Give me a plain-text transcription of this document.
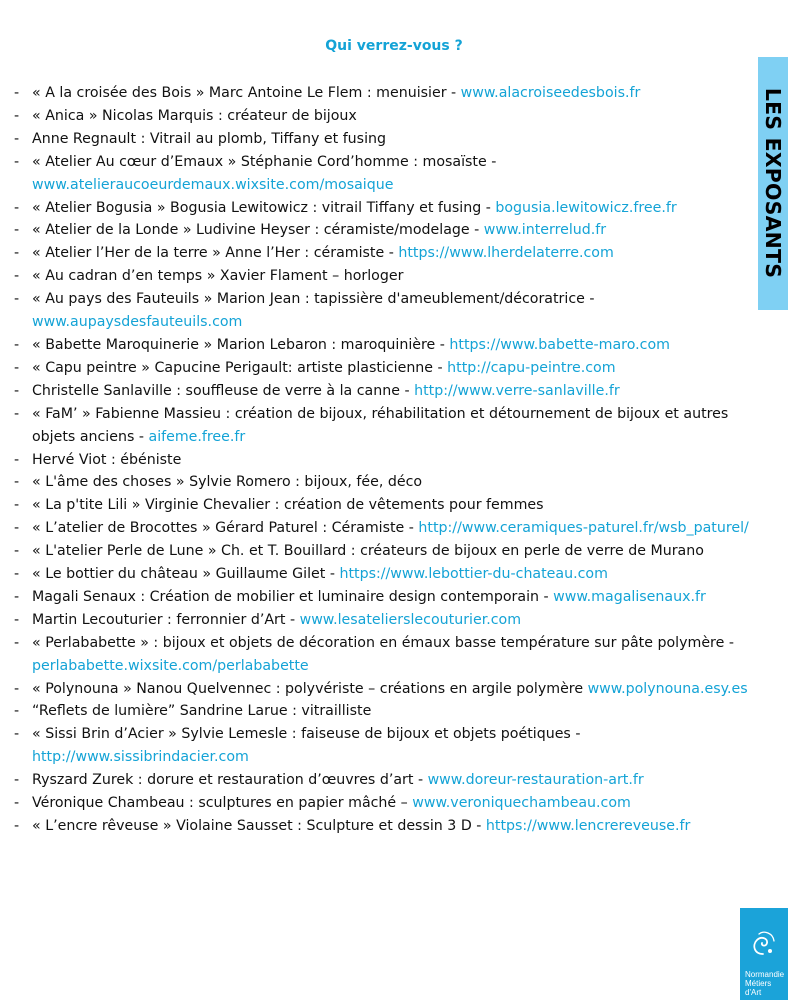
Qui verrez-vous ?
- « A la croisée des Bois » Marc Antoine Le Flem : menuisier - www.alacroiseedesbois.fr
- « Anica » Nicolas Marquis : créateur de bijoux
- Anne Regnault : Vitrail au plomb, Tiffany et fusing
- « Atelier Au cœur d’Emaux » Stéphanie Cord’homme : mosaïste - www.atelieraucoeurdemaux.wixsite.com/mosaique
- « Atelier Bogusia » Bogusia Lewitowicz : vitrail Tiffany et fusing - bogusia.lewitowicz.free.fr
- « Atelier de la Londe » Ludivine Heyser : céramiste/modelage - www.interrelud.fr
- « Atelier l’Her de la terre » Anne l’Her : céramiste - https://www.lherdelaterre.com
- « Au cadran d’en temps » Xavier Flament – horloger
- « Au pays des Fauteuils » Marion Jean : tapissière d'ameublement/décoratrice - www.aupaysdesfauteuils.com
- « Babette Maroquinerie » Marion Lebaron : maroquinière - https://www.babette-maro.com
- « Capu peintre » Capucine Perigault: artiste plasticienne - http://capu-peintre.com
- Christelle Sanlaville : souffleuse de verre à la canne - http://www.verre-sanlaville.fr
- « FaM’ » Fabienne Massieu : création de bijoux, réhabilitation et détournement de bijoux et autres objets anciens - aifeme.free.fr
- Hervé Viot : ébéniste
- « L'âme des choses » Sylvie Romero : bijoux, fée, déco
- « La p'tite Lili » Virginie Chevalier : création de vêtements pour femmes
- « L’atelier de Brocottes » Gérard Paturel : Céramiste - http://www.ceramiques-paturel.fr/wsb_paturel/
- « L'atelier Perle de Lune » Ch. et T. Bouillard : créateurs de bijoux en perle de verre de Murano
- « Le bottier du château » Guillaume Gilet - https://www.lebottier-du-chateau.com
- Magali Senaux : Création de mobilier et luminaire design contemporain - www.magalisenaux.fr
- Martin Lecouturier : ferronnier d’Art - www.lesatelierslecouturier.com
- « Perlababette » : bijoux et objets de décoration en émaux basse température sur pâte polymère - perlababette.wixsite.com/perlababette
- « Polynouna » Nanou Quelvennec : polyvériste – créations en argile polymère www.polynouna.esy.es
- “Reflets de lumière” Sandrine Larue : vitrailliste
- « Sissi Brin d’Acier » Sylvie Lemesle : faiseuse de bijoux et objets poétiques - http://www.sissibrindacier.com
- Ryszard Zurek : dorure et restauration d’œuvres d’art - www.doreur-restauration-art.fr
- Véronique Chambeau : sculptures en papier mâché – www.veroniquechambeau.com
- « L’encre rêveuse » Violaine Sausset : Sculpture et dessin 3 D - https://www.lencrereveuse.fr
LES EXPOSANTS
Normandie
Métiers
d'Art
